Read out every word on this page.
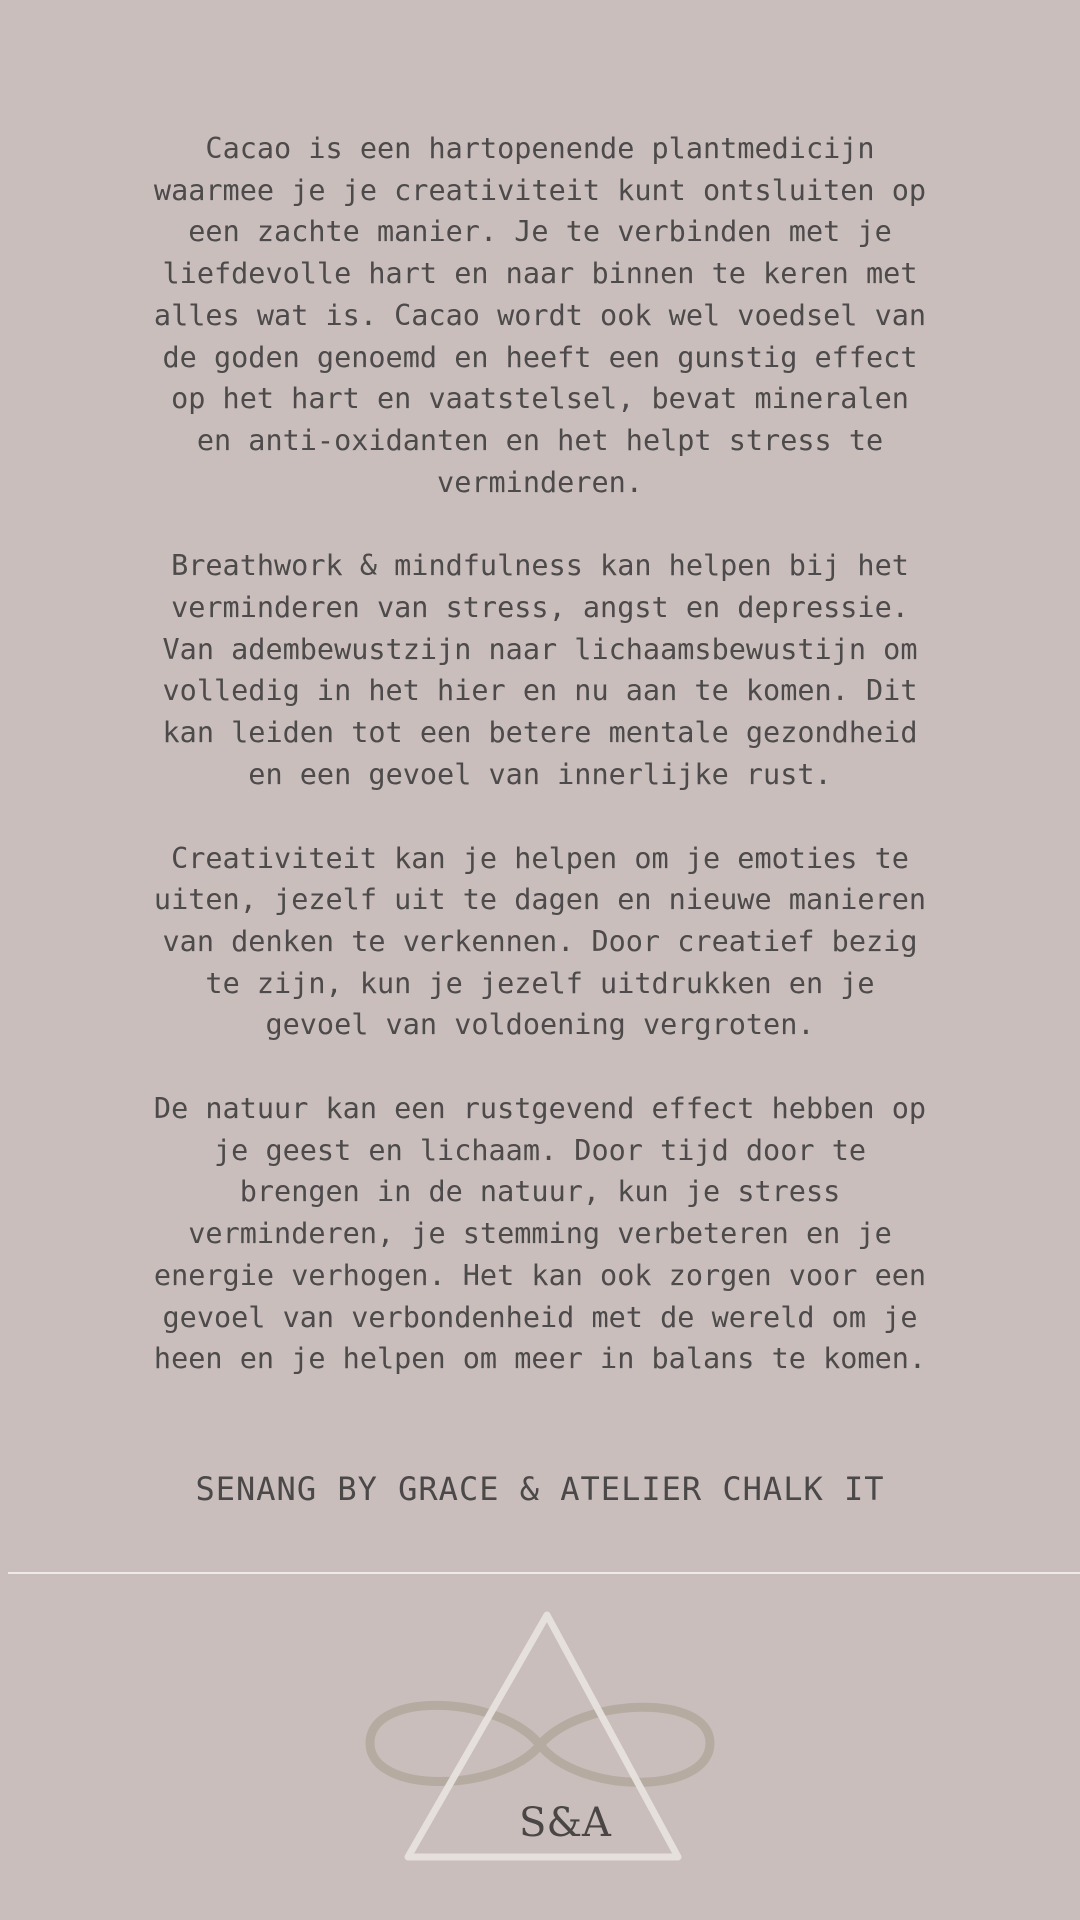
Cacao is een hartopenende plantmedicijn
waarmee je je creativiteit kunt ontsluiten op
een zachte manier. Je te verbinden met je
liefdevolle hart en naar binnen te keren met
alles wat is. Cacao wordt ook wel voedsel van
de goden genoemd en heeft een gunstig effect
op het hart en vaatstelsel, bevat mineralen
en anti-oxidanten en het helpt stress te
verminderen.

Breathwork & mindfulness kan helpen bij het
verminderen van stress, angst en depressie.
Van adembewustzijn naar lichaamsbewustijn om
volledig in het hier en nu aan te komen. Dit
kan leiden tot een betere mentale gezondheid
en een gevoel van innerlijke rust.

Creativiteit kan je helpen om je emoties te
uiten, jezelf uit te dagen en nieuwe manieren
van denken te verkennen. Door creatief bezig
te zijn, kun je jezelf uitdrukken en je
gevoel van voldoening vergroten.

De natuur kan een rustgevend effect hebben op
je geest en lichaam. Door tijd door te
brengen in de natuur, kun je stress
verminderen, je stemming verbeteren en je
energie verhogen. Het kan ook zorgen voor een
gevoel van verbondenheid met de wereld om je
heen en je helpen om meer in balans te komen.

SENANG BY GRACE & ATELIER CHALK IT
S&A
